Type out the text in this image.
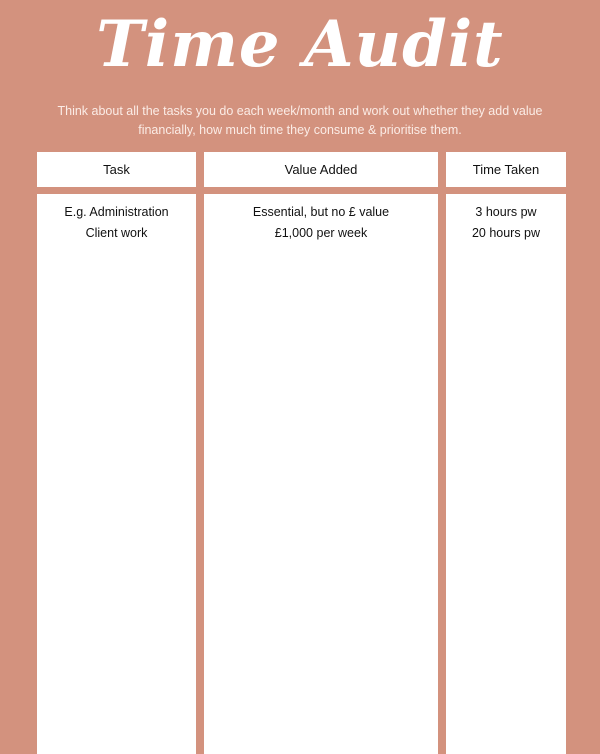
Time Audit
Think about all the tasks you do each week/month and work out whether they add value financially, how much time they consume & prioritise them.
Task	Value Added	Time Taken
E.g. Administration
Client work
Essential, but no £ value
£1,000 per week
3 hours pw
20 hours pw
